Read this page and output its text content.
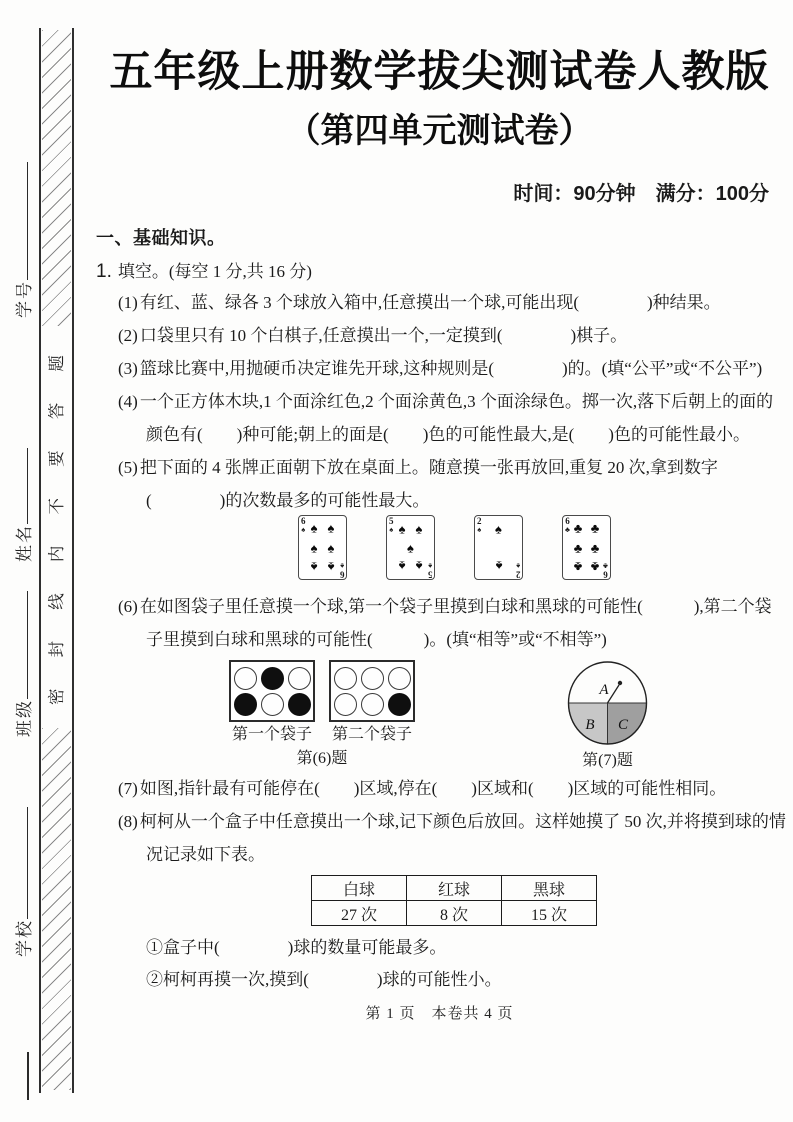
学号
姓名
班级
学校
密 封 线 内 不 要 答 题
五年级上册数学拔尖测试卷人教版
（第四单元测试卷）
时间：90分钟　满分：100分
一、基础知识。
1. 填空。(每空 1 分,共 16 分)

(1) 有红、蓝、绿各 3 个球放入箱中,任意摸出一个球,可能出现(　　　　)种结果。

(2) 口袋里只有 10 个白棋子,任意摸出一个,一定摸到(　　　　)棋子。

(3) 篮球比赛中,用抛硬币决定谁先开球,这种规则是(　　　　)的。(填“公平”或“不公平”)

(4) 一个正方体木块,1 个面涂红色,2 个面涂黄色,3 个面涂绿色。掷一次,落下后朝上的面的颜色有(　　)种可能;朝上的面是(　　)色的可能性最大,是(　　)色的可能性最小。

(5) 把下面的 4 张牌正面朝下放在桌面上。随意摸一张再放回,重复 20 次,拿到数字(　　　　)的次数最多的可能性最大。

6
♠ ♠ ♠
♠ ♠
♠ ♠ 6
♠
5
♠ ♠ ♠
♠
♠ ♠
5
♠
2
♠ ♠
♠
2
♠
6
♣ ♣ ♣
♣ ♣
♣ ♣ 6
♣

(6) 在如图袋子里任意摸一个球,第一个袋子里摸到白球和黑球的可能性(　　　),第二个袋子里摸到白球和黑球的可能性(　　　)。(填“相等”或“不相等”)

第一个袋子 第二个袋子
第(6)题
A
B C
第(7)题

(7) 如图,指针最有可能停在(　　)区域,停在(　　)区域和(　　)区域的可能性相同。

(8) 柯柯从一个盒子中任意摸出一个球,记下颜色后放回。这样她摸了 50 次,并将摸到球的情况记录如下表。

白球	红球	黑球
27 次	8 次	15 次

①盒子中(　　　　)球的数量可能最多。

②柯柯再摸一次,摸到(　　　　)球的可能性小。

第 1 页　本卷共 4 页
